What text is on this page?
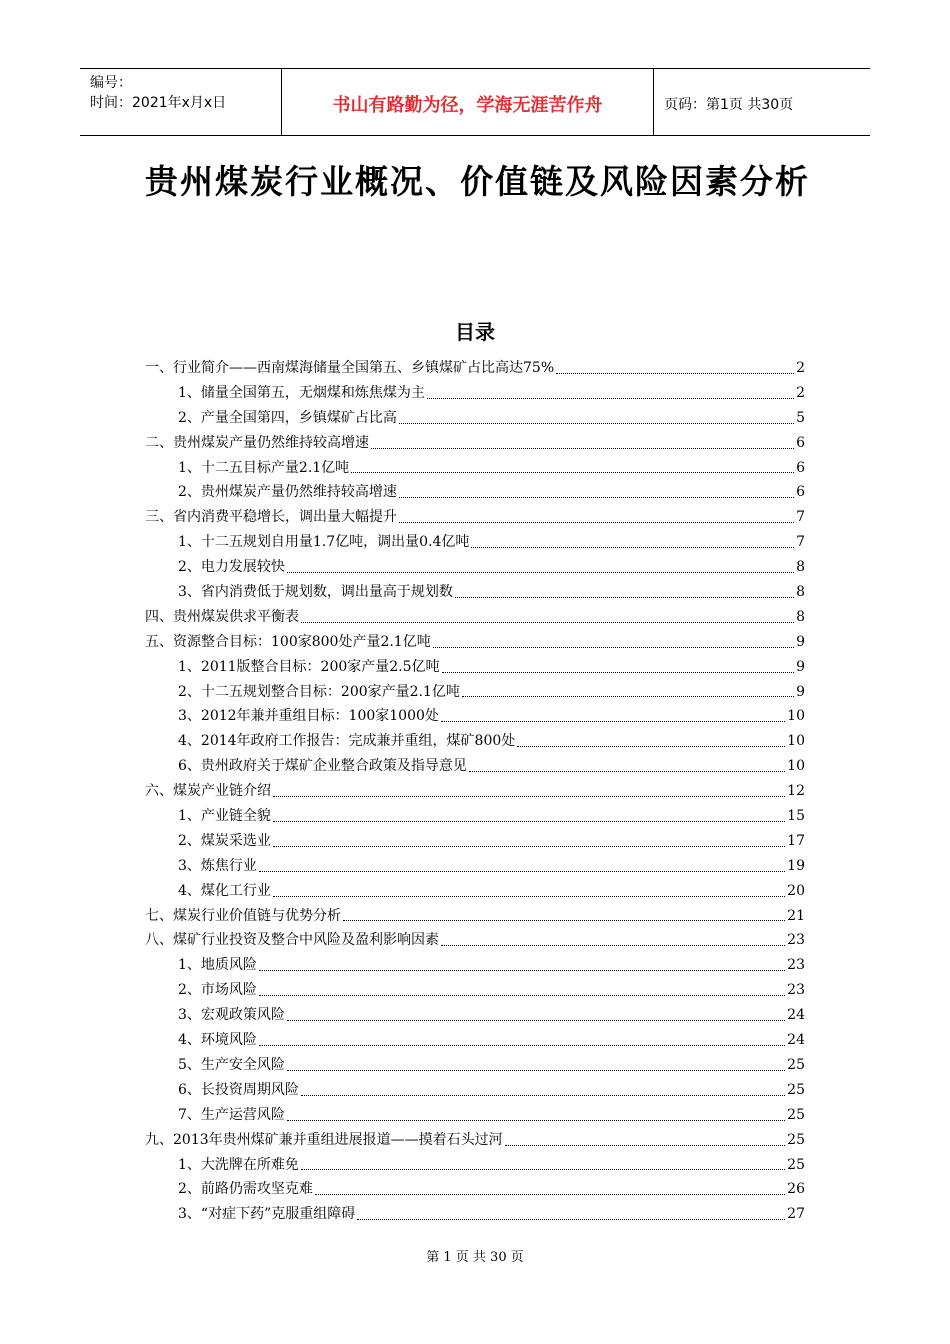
编号：
时间：2021年x月x日	书山有路勤为径，学海无涯苦作舟	页码：第1页 共30页
贵州煤炭行业概况、价值链及风险因素分析
目录
一、行业简介——西南煤海储量全国第五、乡镇煤矿占比高达75%	2
1、储量全国第五，无烟煤和炼焦煤为主	2
2、产量全国第四，乡镇煤矿占比高	5
二、贵州煤炭产量仍然维持较高增速	6
1、十二五目标产量2.1亿吨	6
2、贵州煤炭产量仍然维持较高增速	6
三、省内消费平稳增长，调出量大幅提升	7
1、十二五规划自用量1.7亿吨，调出量0.4亿吨	7
2、电力发展较快	8
3、省内消费低于规划数，调出量高于规划数	8
四、贵州煤炭供求平衡表	8
五、资源整合目标：100家800处产量2.1亿吨	9
1、2011版整合目标：200家产量2.5亿吨	9
2、十二五规划整合目标：200家产量2.1亿吨	9
3、2012年兼并重组目标：100家1000处	10
4、2014年政府工作报告：完成兼并重组，煤矿800处	10
6、贵州政府关于煤矿企业整合政策及指导意见	10
六、煤炭产业链介绍	12
1、产业链全貌	15
2、煤炭采选业	17
3、炼焦行业	19
4、煤化工行业	20
七、煤炭行业价值链与优势分析	21
八、煤矿行业投资及整合中风险及盈利影响因素	23
1、地质风险	23
2、市场风险	23
3、宏观政策风险	24
4、环境风险	24
5、生产安全风险	25
6、长投资周期风险	25
7、生产运营风险	25
九、2013年贵州煤矿兼并重组进展报道——摸着石头过河	25
1、大洗牌在所难免	25
2、前路仍需攻坚克难	26
3、“对症下药”克服重组障碍	27
第 1 页 共 30 页
